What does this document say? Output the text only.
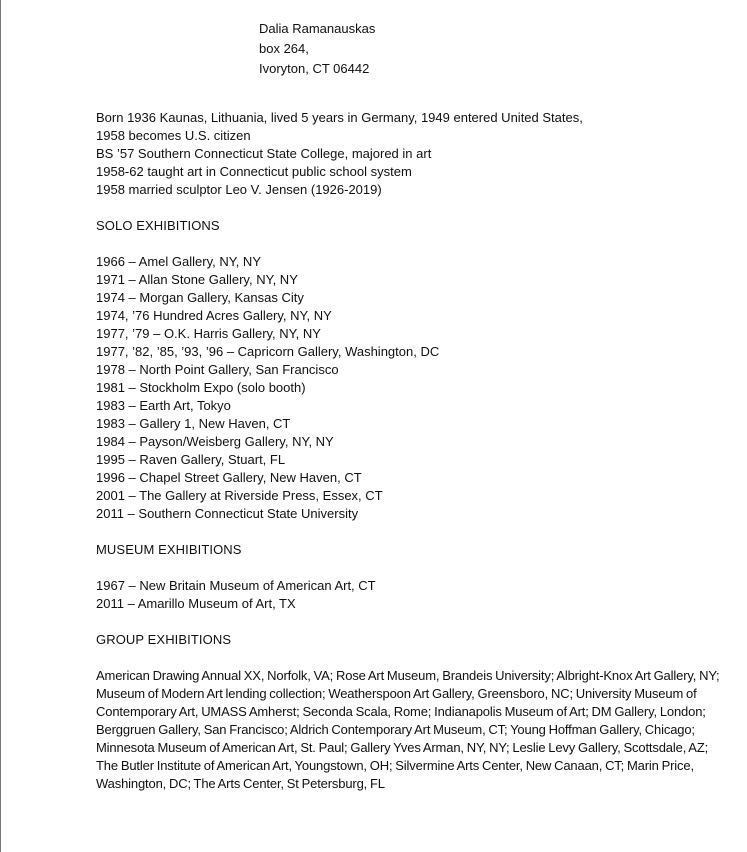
Dalia Ramanauskas
box 264,
Ivoryton, CT 06442
Born 1936 Kaunas, Lithuania, lived 5 years in Germany, 1949 entered United States,
1958 becomes U.S. citizen
BS ’57 Southern Connecticut State College, majored in art
1958-62 taught art in Connecticut public school system
1958 married sculptor Leo V. Jensen (1926-2019)
SOLO EXHIBITIONS
1966 – Amel Gallery, NY, NY
1971 – Allan Stone Gallery, NY, NY
1974 – Morgan Gallery, Kansas City
1974, ’76 Hundred Acres Gallery, NY, NY
1977, ’79 – O.K. Harris Gallery, NY, NY
1977, ’82, ’85, ’93, ’96 – Capricorn Gallery, Washington, DC
1978 – North Point Gallery, San Francisco
1981 – Stockholm Expo (solo booth)
1983 – Earth Art, Tokyo
1983 – Gallery 1, New Haven, CT
1984 – Payson/Weisberg Gallery, NY, NY
1995 – Raven Gallery, Stuart, FL
1996 – Chapel Street Gallery, New Haven, CT
2001 – The Gallery at Riverside Press, Essex, CT
2011 – Southern Connecticut State University
MUSEUM EXHIBITIONS
1967 – New Britain Museum of American Art, CT
2011 – Amarillo Museum of Art, TX
GROUP EXHIBITIONS
American Drawing Annual XX, Norfolk, VA; Rose Art Museum, Brandeis University; Albright-Knox Art Gallery, NY; Museum of Modern Art lending collection; Weatherspoon Art Gallery, Greensboro, NC; University Museum of Contemporary Art, UMASS Amherst; Seconda Scala, Rome; Indianapolis Museum of Art; DM Gallery, London; Berggruen Gallery, San Francisco; Aldrich Contemporary Art Museum, CT; Young Hoffman Gallery, Chicago; Minnesota Museum of American Art, St. Paul; Gallery Yves Arman, NY, NY; Leslie Levy Gallery, Scottsdale, AZ; The Butler Institute of American Art, Youngstown, OH; Silvermine Arts Center, New Canaan, CT; Marin Price, Washington, DC; The Arts Center, St Petersburg, FL
